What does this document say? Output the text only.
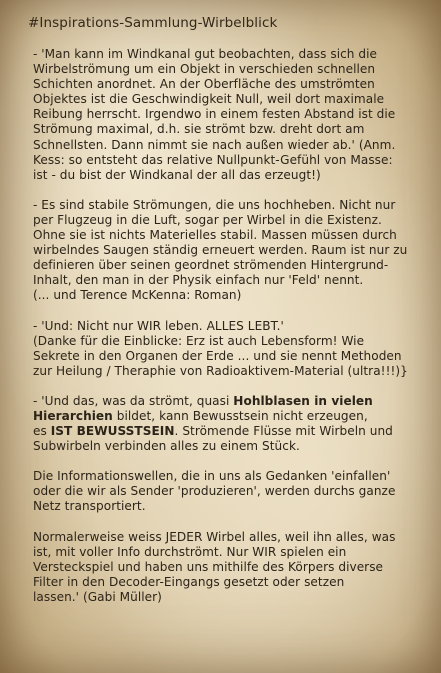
#Inspirations-Sammlung-Wirbelblick
- 'Man kann im Windkanal gut beobachten, dass sich die
Wirbelströmung um ein Objekt in verschieden schnellen
Schichten anordnet. An der Oberfläche des umströmten
Objektes ist die Geschwindigkeit Null, weil dort maximale
Reibung herrscht. Irgendwo in einem festen Abstand ist die
Strömung maximal, d.h. sie strömt bzw. dreht dort am
Schnellsten. Dann nimmt sie nach außen wieder ab.' (Anm.
Kess: so entsteht das relative Nullpunkt-Gefühl von Masse:
ist - du bist der Windkanal der all das erzeugt!)
- Es sind stabile Strömungen, die uns hochheben. Nicht nur
per Flugzeug in die Luft, sogar per Wirbel in die Existenz.
Ohne sie ist nichts Materielles stabil. Massen müssen durch
wirbelndes Saugen ständig erneuert werden. Raum ist nur zu
definieren über seinen geordnet strömenden Hintergrund-
Inhalt, den man in der Physik einfach nur 'Feld' nennt.
(... und Terence McKenna: Roman)
- 'Und: Nicht nur WIR leben. ALLES LEBT.'
(Danke für die Einblicke: Erz ist auch Lebensform! Wie
Sekrete in den Organen der Erde ... und sie nennt Methoden
zur Heilung / Theraphie von Radioaktivem-Material (ultra!!!)}
- 'Und das, was da strömt, quasi Hohlblasen in vielen
Hierarchien bildet, kann Bewusstsein nicht erzeugen,
es IST BEWUSSTSEIN. Strömende Flüsse mit Wirbeln und
Subwirbeln verbinden alles zu einem Stück.
Die Informationswellen, die in uns als Gedanken 'einfallen'
oder die wir als Sender 'produzieren', werden durchs ganze
Netz transportiert.
Normalerweise weiss JEDER Wirbel alles, weil ihn alles, was
ist, mit voller Info durchströmt. Nur WIR spielen ein
Versteckspiel und haben uns mithilfe des Körpers diverse
Filter in den Decoder-Eingangs gesetzt oder setzen
lassen.' (Gabi Müller)
